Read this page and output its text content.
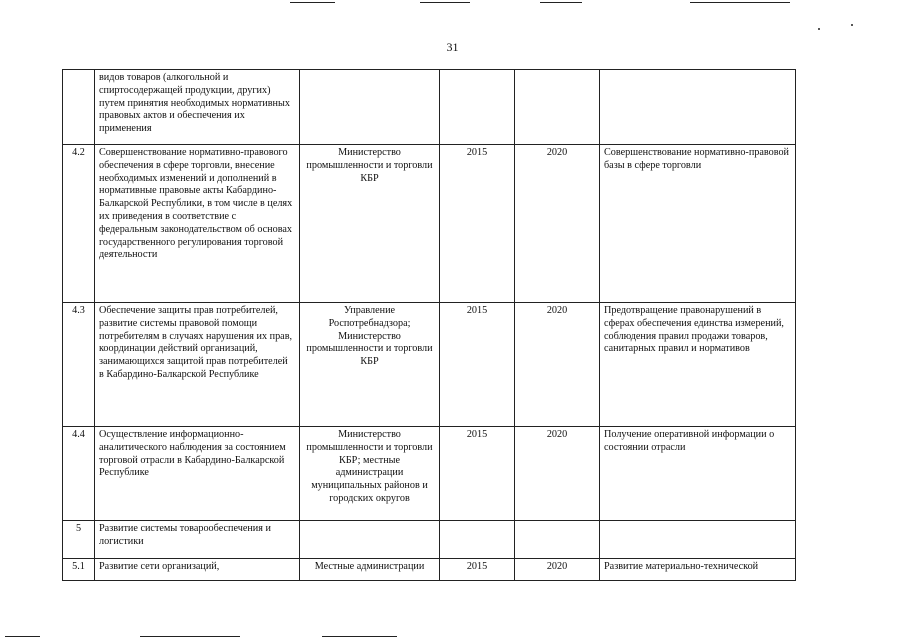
31
	видов товаров (алкогольной и спиртосодержащей продукции, других) путем принятия необходимых нормативных правовых актов и обеспечения их применения				
4.2	Совершенствование нормативно-правового обеспечения в сфере торговли, внесение необходимых изменений и дополнений в нормативные правовые акты Кабардино-Балкарской Республики, в том числе в целях их приведения в соответствие с федеральным законодательством об основах государственного регулирования торговой деятельности	Министерство промышленности и торговли КБР	2015	2020	Совершенствование нормативно-правовой базы в сфере торговли
4.3	Обеспечение защиты прав потребителей, развитие системы правовой помощи потребителям в случаях нарушения их прав, координации действий организаций, занимающихся защитой прав потребителей в Кабардино-Балкарской Республике	Управление Роспотребнадзора; Министерство промышленности и торговли КБР	2015	2020	Предотвращение правонарушений в сферах обеспечения единства измерений, соблюдения правил продажи товаров, санитарных правил и нормативов
4.4	Осуществление информационно-аналитического наблюдения за состоянием торговой отрасли в Кабардино-Балкарской Республике	Министерство промышленности и торговли КБР; местные администрации муниципальных районов и городских округов	2015	2020	Получение оперативной информации о состоянии отрасли
5	Развитие системы товарообеспечения и логистики				
5.1	Развитие сети организаций,	Местные администрации	2015	2020	Развитие материально-технической
